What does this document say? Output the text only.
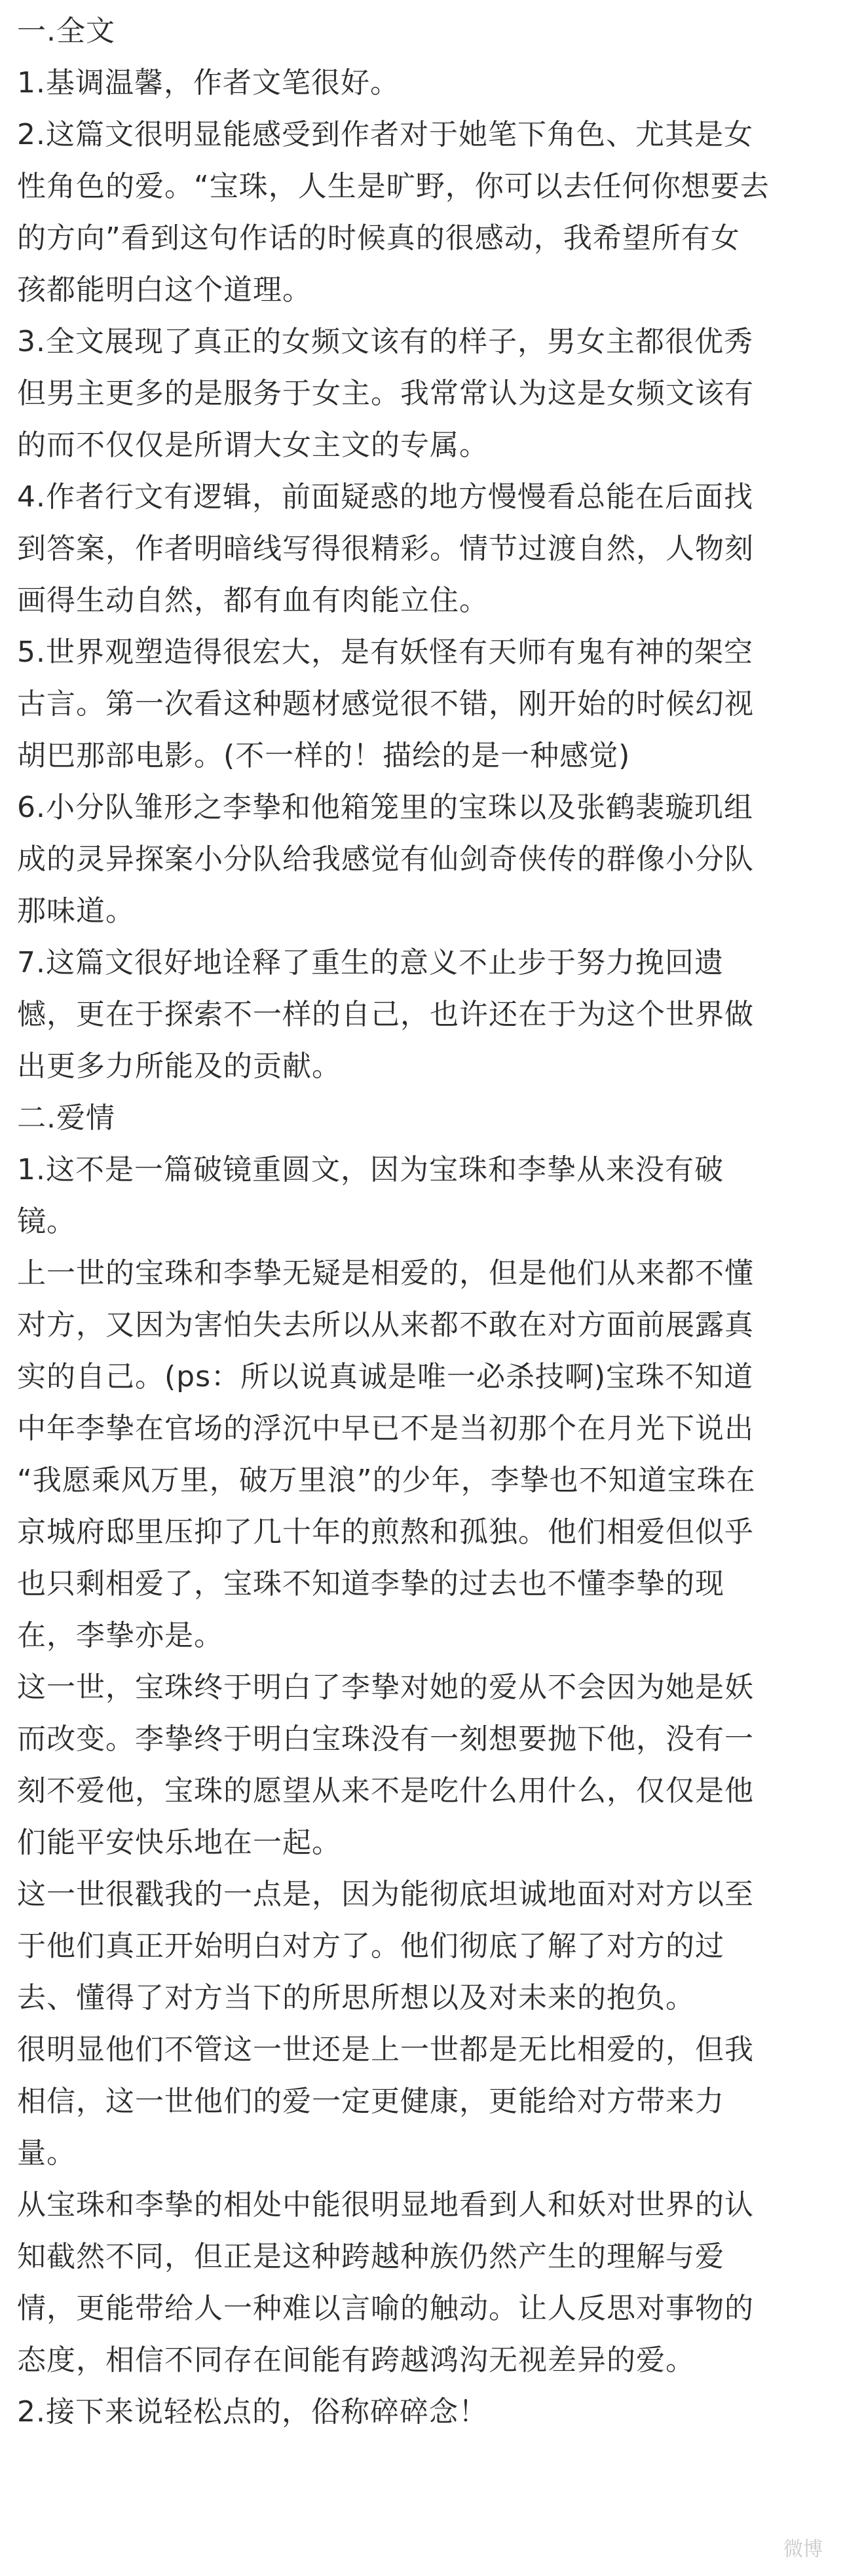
一.全文
1.基调温馨，作者文笔很好。
2.这篇文很明显能感受到作者对于她笔下角色、尤其是女
性角色的爱。“宝珠，人生是旷野，你可以去任何你想要去
的方向”看到这句作话的时候真的很感动，我希望所有女
孩都能明白这个道理。
3.全文展现了真正的女频文该有的样子，男女主都很优秀
但男主更多的是服务于女主。我常常认为这是女频文该有
的而不仅仅是所谓大女主文的专属。
4.作者行文有逻辑，前面疑惑的地方慢慢看总能在后面找
到答案，作者明暗线写得很精彩。情节过渡自然，人物刻
画得生动自然，都有血有肉能立住。
5.世界观塑造得很宏大，是有妖怪有天师有鬼有神的架空
古言。第一次看这种题材感觉很不错，刚开始的时候幻视
胡巴那部电影。(不一样的！描绘的是一种感觉)
6.小分队雏形之李挚和他箱笼里的宝珠以及张鹤裴璇玑组
成的灵异探案小分队给我感觉有仙剑奇侠传的群像小分队
那味道。
7.这篇文很好地诠释了重生的意义不止步于努力挽回遗
憾，更在于探索不一样的自己，也许还在于为这个世界做
出更多力所能及的贡献。
二.爱情
1.这不是一篇破镜重圆文，因为宝珠和李挚从来没有破
镜。
上一世的宝珠和李挚无疑是相爱的，但是他们从来都不懂
对方，又因为害怕失去所以从来都不敢在对方面前展露真
实的自己。(ps：所以说真诚是唯一必杀技啊)宝珠不知道
中年李挚在官场的浮沉中早已不是当初那个在月光下说出
“我愿乘风万里，破万里浪”的少年，李挚也不知道宝珠在
京城府邸里压抑了几十年的煎熬和孤独。他们相爱但似乎
也只剩相爱了，宝珠不知道李挚的过去也不懂李挚的现
在，李挚亦是。
这一世，宝珠终于明白了李挚对她的爱从不会因为她是妖
而改变。李挚终于明白宝珠没有一刻想要抛下他，没有一
刻不爱他，宝珠的愿望从来不是吃什么用什么，仅仅是他
们能平安快乐地在一起。
这一世很戳我的一点是，因为能彻底坦诚地面对对方以至
于他们真正开始明白对方了。他们彻底了解了对方的过
去、懂得了对方当下的所思所想以及对未来的抱负。
很明显他们不管这一世还是上一世都是无比相爱的，但我
相信，这一世他们的爱一定更健康，更能给对方带来力
量。
从宝珠和李挚的相处中能很明显地看到人和妖对世界的认
知截然不同，但正是这种跨越种族仍然产生的理解与爱
情，更能带给人一种难以言喻的触动。让人反思对事物的
态度，相信不同存在间能有跨越鸿沟无视差异的爱。
2.接下来说轻松点的，俗称碎碎念！
微博
